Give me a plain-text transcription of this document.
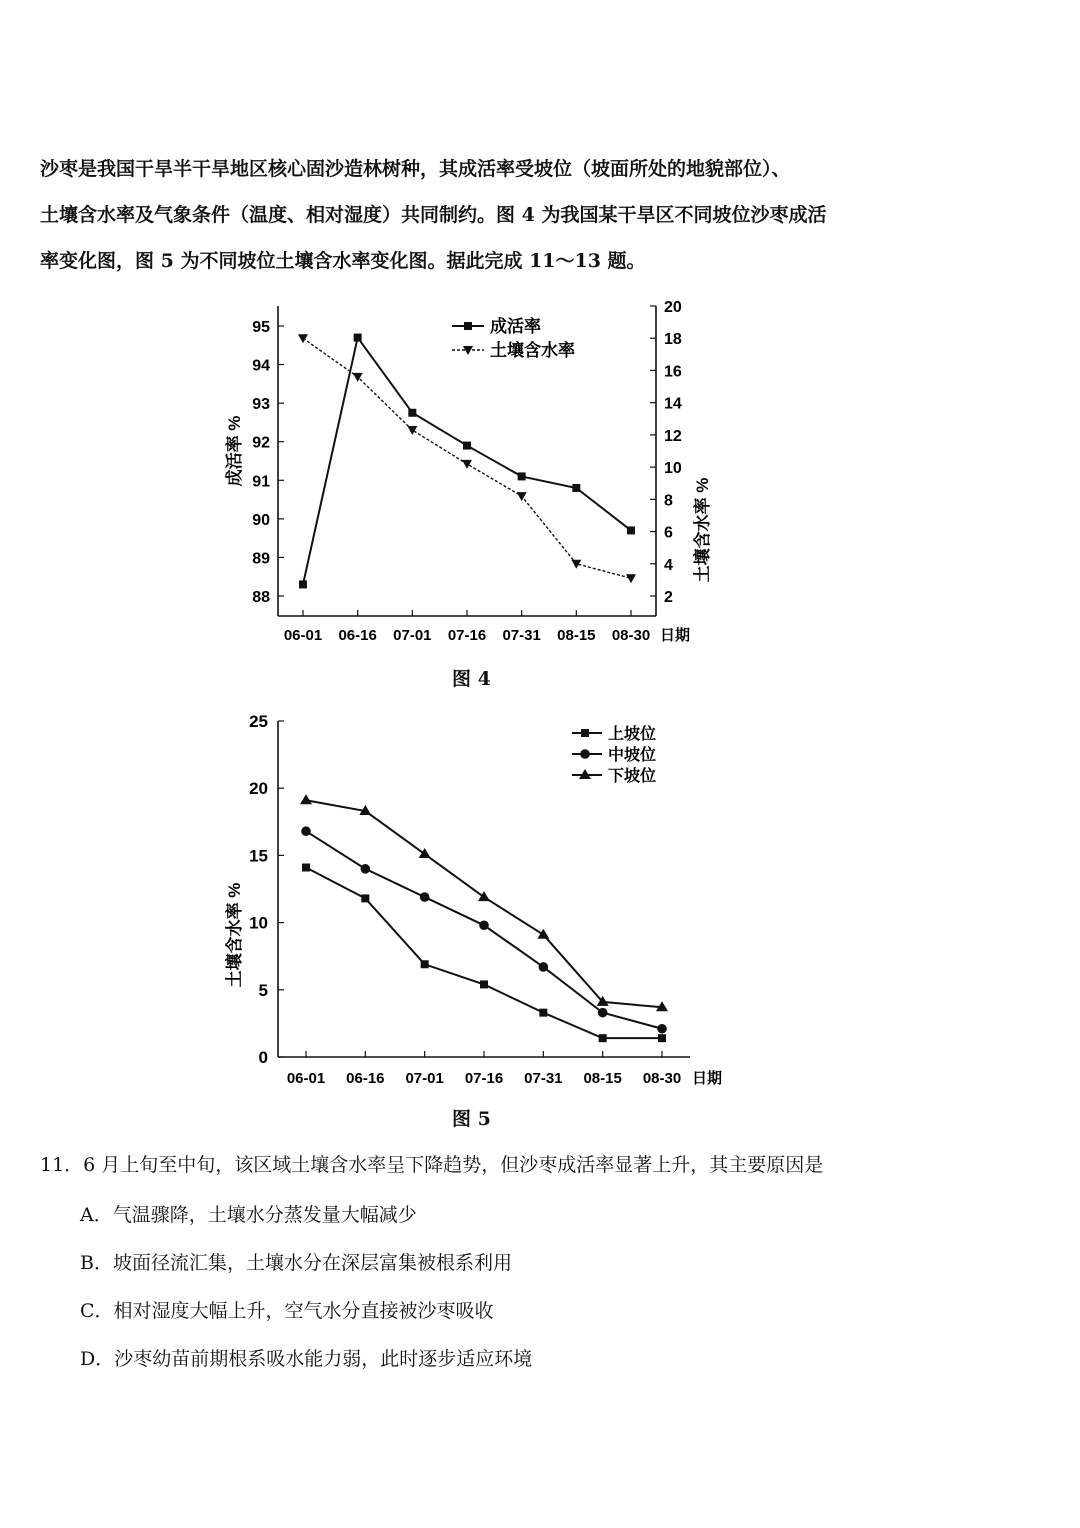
沙枣是我国干旱半干旱地区核心固沙造林树种，其成活率受坡位（坡面所处的地貌部位）、
土壤含水率及气象条件（温度、相对湿度）共同制约。图 4 为我国某干旱区不同坡位沙枣成活
率变化图，图 5 为不同坡位土壤含水率变化图。据此完成 11～13 题。
88
89
90
91
92
93
94
95
2
4
6
8
10
12
14
16
18
20
06-01 06-16 07-01 07-16 07-31 08-15 08-30 日期
成活率 %
土壤含水率 %
成活率
土壤含水率
图 4
0
5
10
15
20
25
06-01 06-16 07-01 07-16 07-31 08-15 08-30 日期
土壤含水率 %
上坡位
中坡位
下坡位
图 5
11．6 月上旬至中旬，该区域土壤含水率呈下降趋势，但沙枣成活率显著上升，其主要原因是
A．气温骤降，土壤水分蒸发量大幅减少
B．坡面径流汇集，土壤水分在深层富集被根系利用
C．相对湿度大幅上升，空气水分直接被沙枣吸收
D．沙枣幼苗前期根系吸水能力弱，此时逐步适应环境
